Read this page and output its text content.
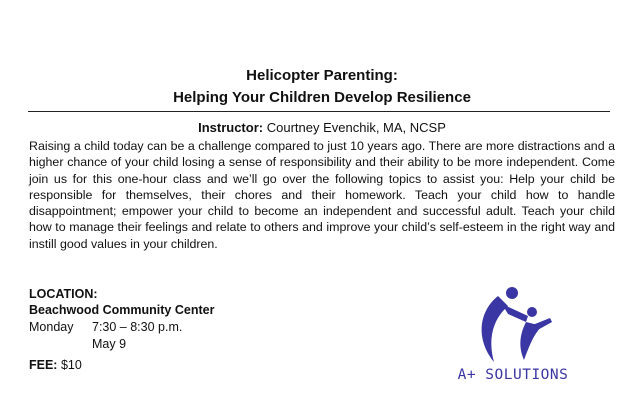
Helicopter Parenting:
Helping Your Children Develop Resilience
Instructor: Courtney Evenchik, MA, NCSP

Raising a child today can be a challenge compared to just 10 years ago. There are more distractions and a higher chance of your child losing a sense of responsibility and their ability to be more independent. Come join us for this one-hour class and we’ll go over the following topics to assist you: Help your child be responsible for themselves, their chores and their homework. Teach your child how to handle disappointment; empower your child to become an independent and successful adult. Teach your child how to manage their feelings and relate to others and improve your child’s self-esteem in the right way and instill good values in your children.

LOCATION:
Beachwood Community Center
Monday 7:30 – 8:30 p.m.
May 9
FEE: $10
A+ SOLUTIONS
